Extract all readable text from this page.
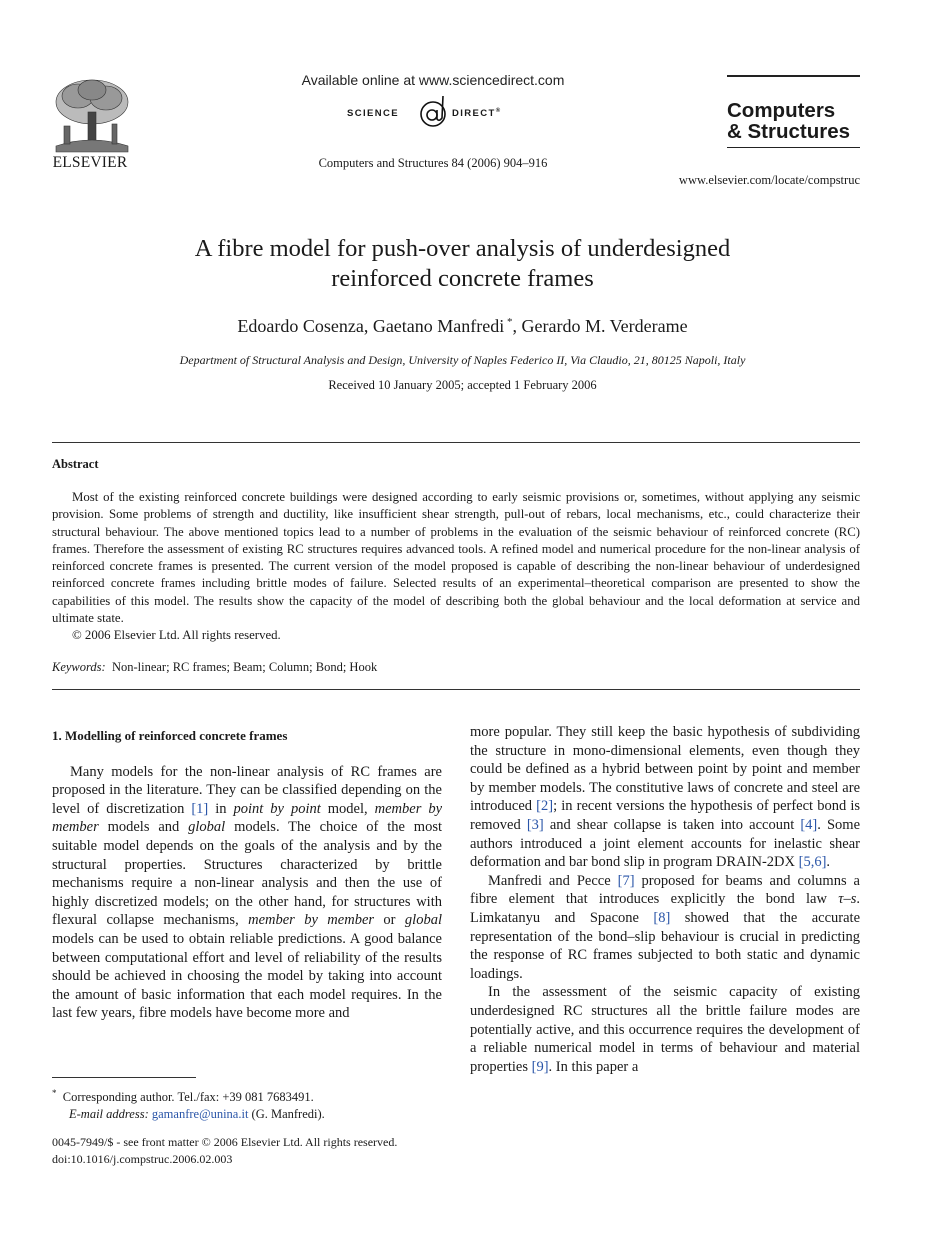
ELSEVIER
Available online at www.sciencedirect.com
SCIENCE	DIRECT®
Computers and Structures 84 (2006) 904–916
Computers
& Structures
www.elsevier.com/locate/compstruc
A fibre model for push-over analysis of underdesigned
reinforced concrete frames
Edoardo Cosenza, Gaetano Manfredi *, Gerardo M. Verderame
Department of Structural Analysis and Design, University of Naples Federico II, Via Claudio, 21, 80125 Napoli, Italy
Received 10 January 2005; accepted 1 February 2006
Abstract

Most of the existing reinforced concrete buildings were designed according to early seismic provisions or, sometimes, without applying any seismic provision. Some problems of strength and ductility, like insufficient shear strength, pull-out of rebars, local mechanisms, etc., could characterize their structural behaviour. The above mentioned topics lead to a number of problems in the evaluation of the seismic behaviour of reinforced concrete (RC) frames. Therefore the assessment of existing RC structures requires advanced tools. A refined model and numerical procedure for the non-linear analysis of reinforced concrete frames is presented. The current version of the model proposed is capable of describing the non-linear behaviour of underdesigned reinforced concrete frames including brittle modes of failure. Selected results of an experimental–theoretical comparison are presented to show the capabilities of this model. The results show the capacity of the model of describing both the global behaviour and the local deformation at service and ultimate state.

© 2006 Elsevier Ltd. All rights reserved.

Keywords: Non-linear; RC frames; Beam; Column; Bond; Hook

1. Modelling of reinforced concrete frames

Many models for the non-linear analysis of RC frames are proposed in the literature. They can be classified depending on the level of discretization [1] in point by point model, member by member models and global models. The choice of the most suitable model depends on the goals of the analysis and by the structural properties. Structures characterized by brittle mechanisms require a non-linear analysis and then the use of highly discretized models; on the other hand, for structures with flexural collapse mechanisms, member by member or global models can be used to obtain reliable predictions. A good balance between computational effort and level of reliability of the results should be achieved in choosing the model by taking into account the amount of basic information that each model requires. In the last few years, fibre models have become more and

more popular. They still keep the basic hypothesis of subdividing the structure in mono-dimensional elements, even though they could be defined as a hybrid between point by point and member by member models. The constitutive laws of concrete and steel are introduced [2]; in recent versions the hypothesis of perfect bond is removed [3] and shear collapse is taken into account [4]. Some authors introduced a joint element accounts for inelastic shear deformation and bar bond slip in program DRAIN-2DX [5,6].

Manfredi and Pecce [7] proposed for beams and columns a fibre element that introduces explicitly the bond law τ–s. Limkatanyu and Spacone [8] showed that the accurate representation of the bond–slip behaviour is crucial in predicting the response of RC frames subjected to both static and dynamic loadings.

In the assessment of the seismic capacity of existing underdesigned RC structures all the brittle failure modes are potentially active, and this occurrence requires the development of a reliable numerical model in terms of behaviour and material properties [9]. In this paper a

* Corresponding author. Tel./fax: +39 081 7683491.
E-mail address: gamanfre@unina.it (G. Manfredi).
0045-7949/$ - see front matter © 2006 Elsevier Ltd. All rights reserved.
doi:10.1016/j.compstruc.2006.02.003
